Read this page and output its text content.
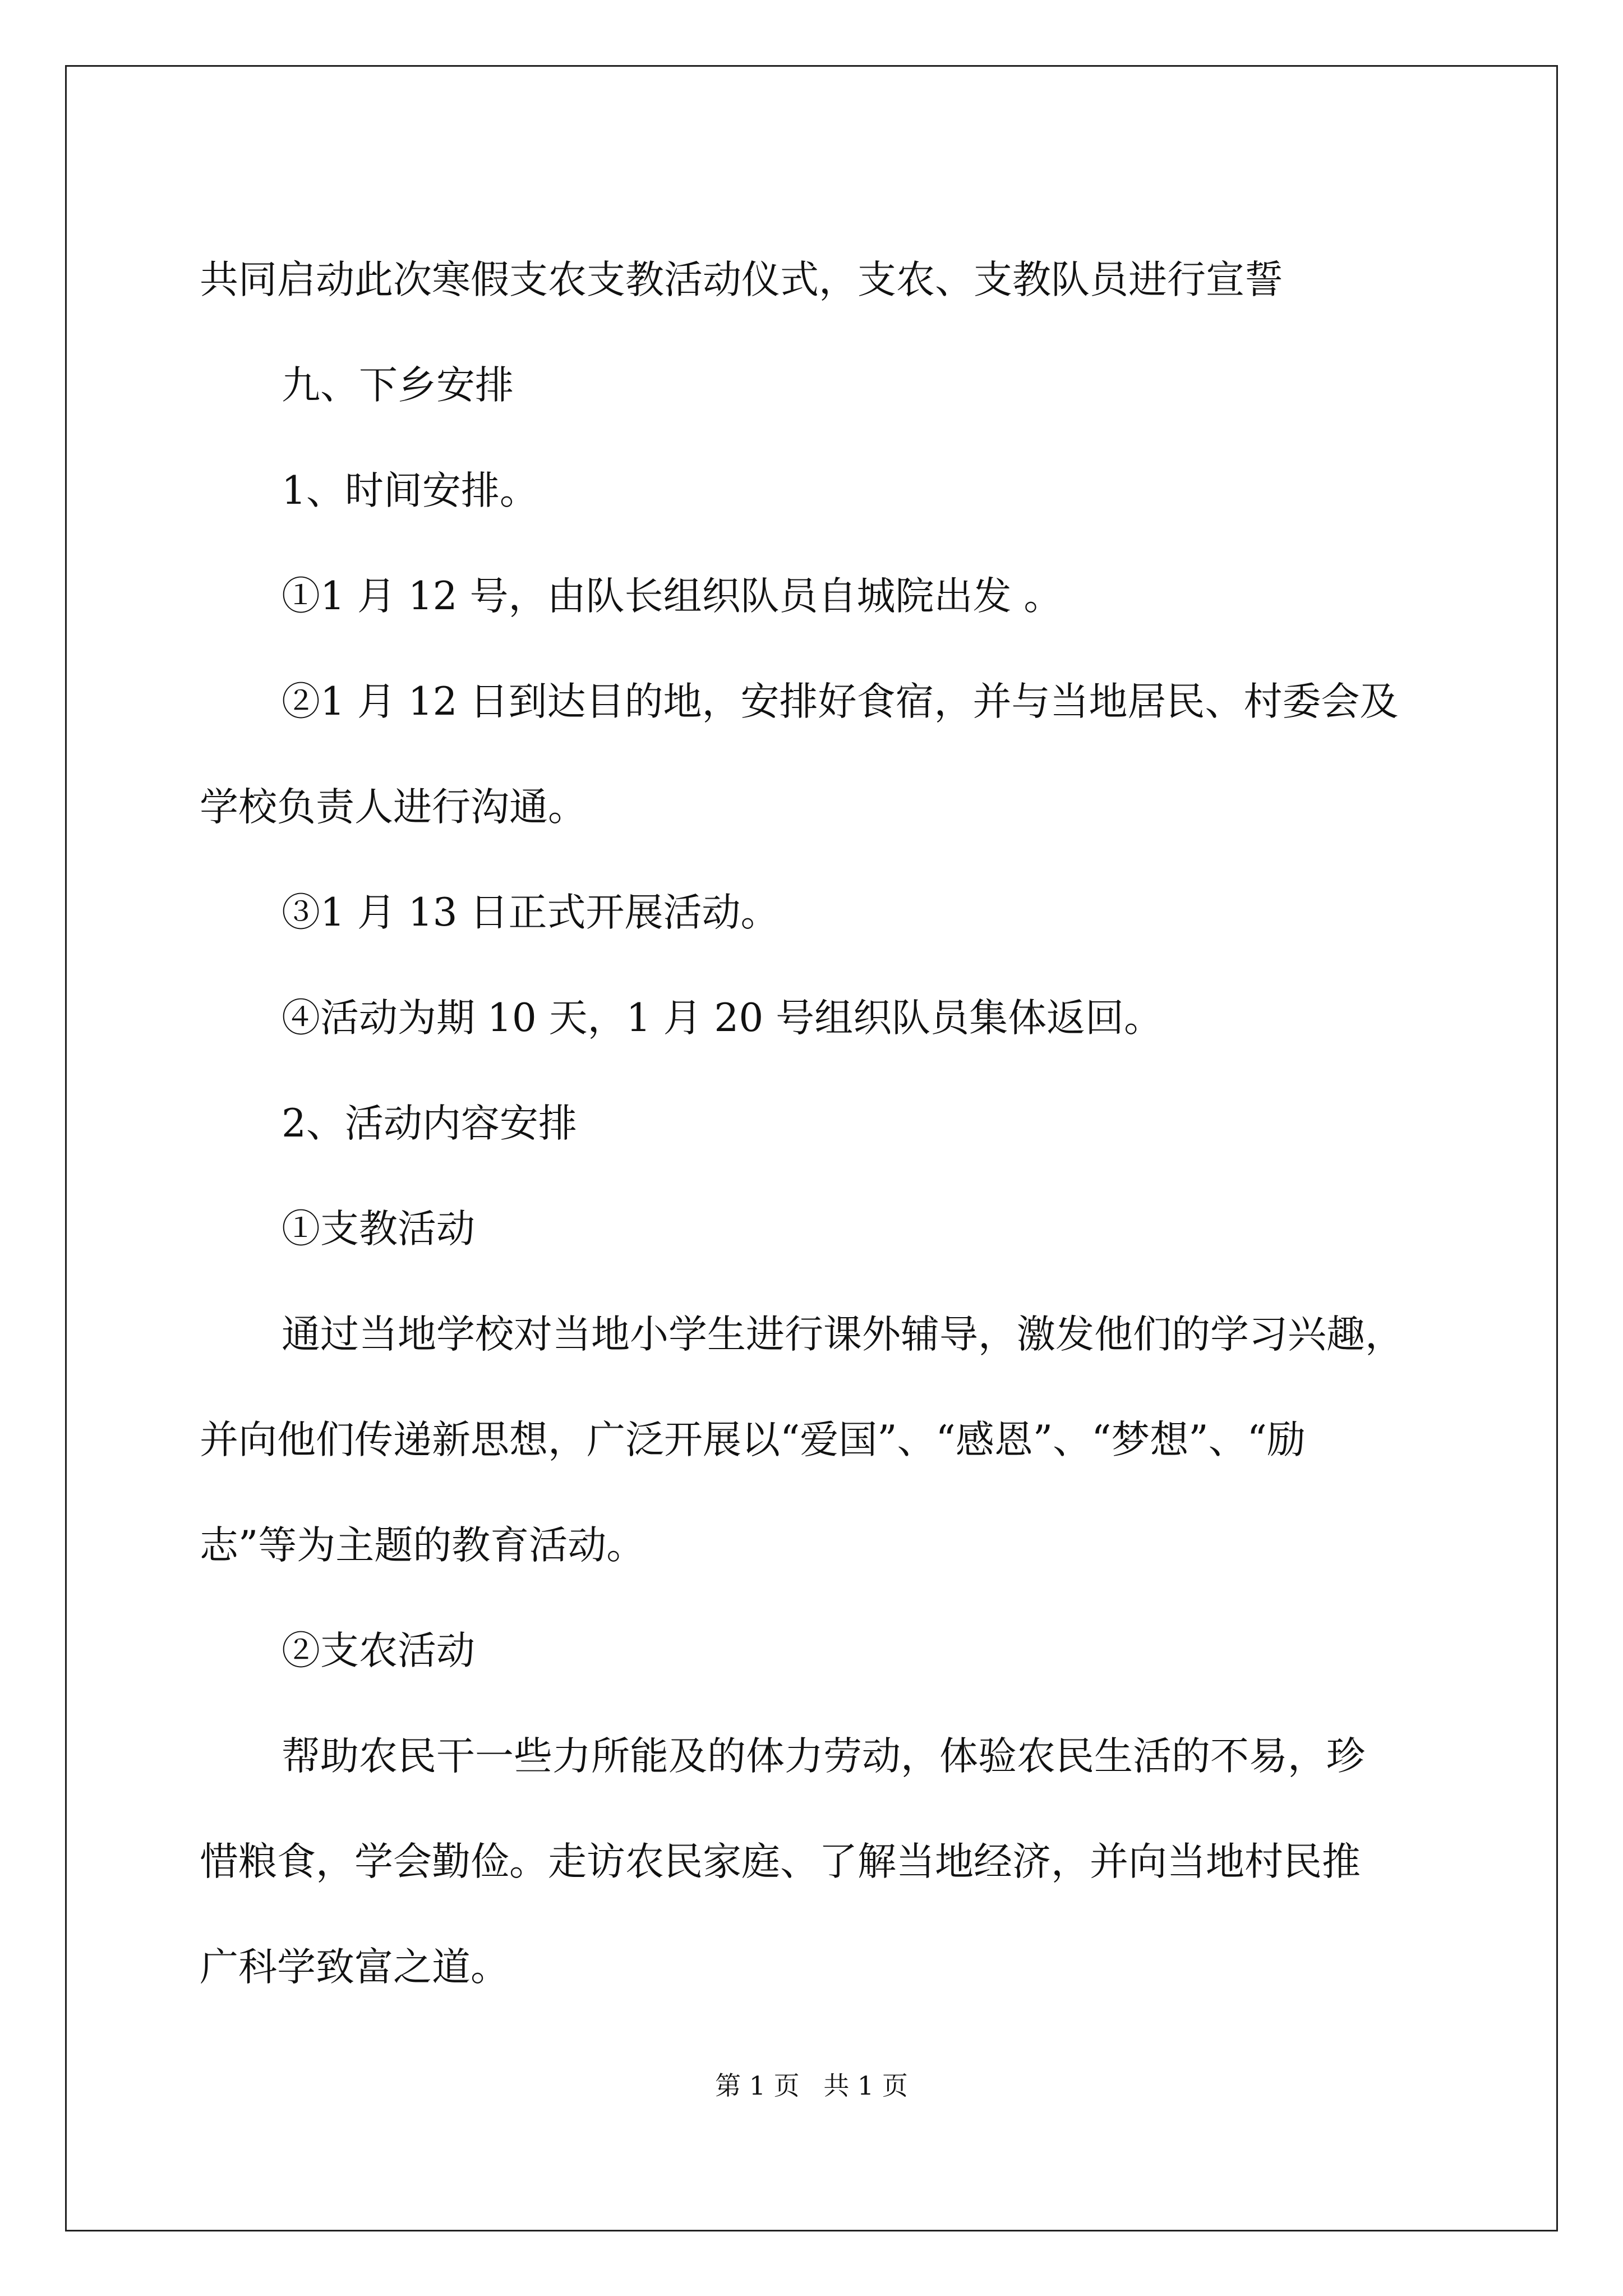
共同启动此次寒假支农支教活动仪式，支农、支教队员进行宣誓

九、下乡安排

1、时间安排。

①1 月 12 号，由队长组织队员自城院出发 。

②1 月 12 日到达目的地，安排好食宿，并与当地居民、村委会及

学校负责人进行沟通。

③1 月 13 日正式开展活动。

④活动为期 10 天，1 月 20 号组织队员集体返回。

2、活动内容安排

①支教活动

通过当地学校对当地小学生进行课外辅导，激发他们的学习兴趣，

并向他们传递新思想，广泛开展以“爱国”、“感恩”、“梦想”、“励

志”等为主题的教育活动。

②支农活动

帮助农民干一些力所能及的体力劳动，体验农民生活的不易，珍

惜粮食，学会勤俭。走访农民家庭、了解当地经济，并向当地村民推

广科学致富之道。

第 1 页 共 1 页
